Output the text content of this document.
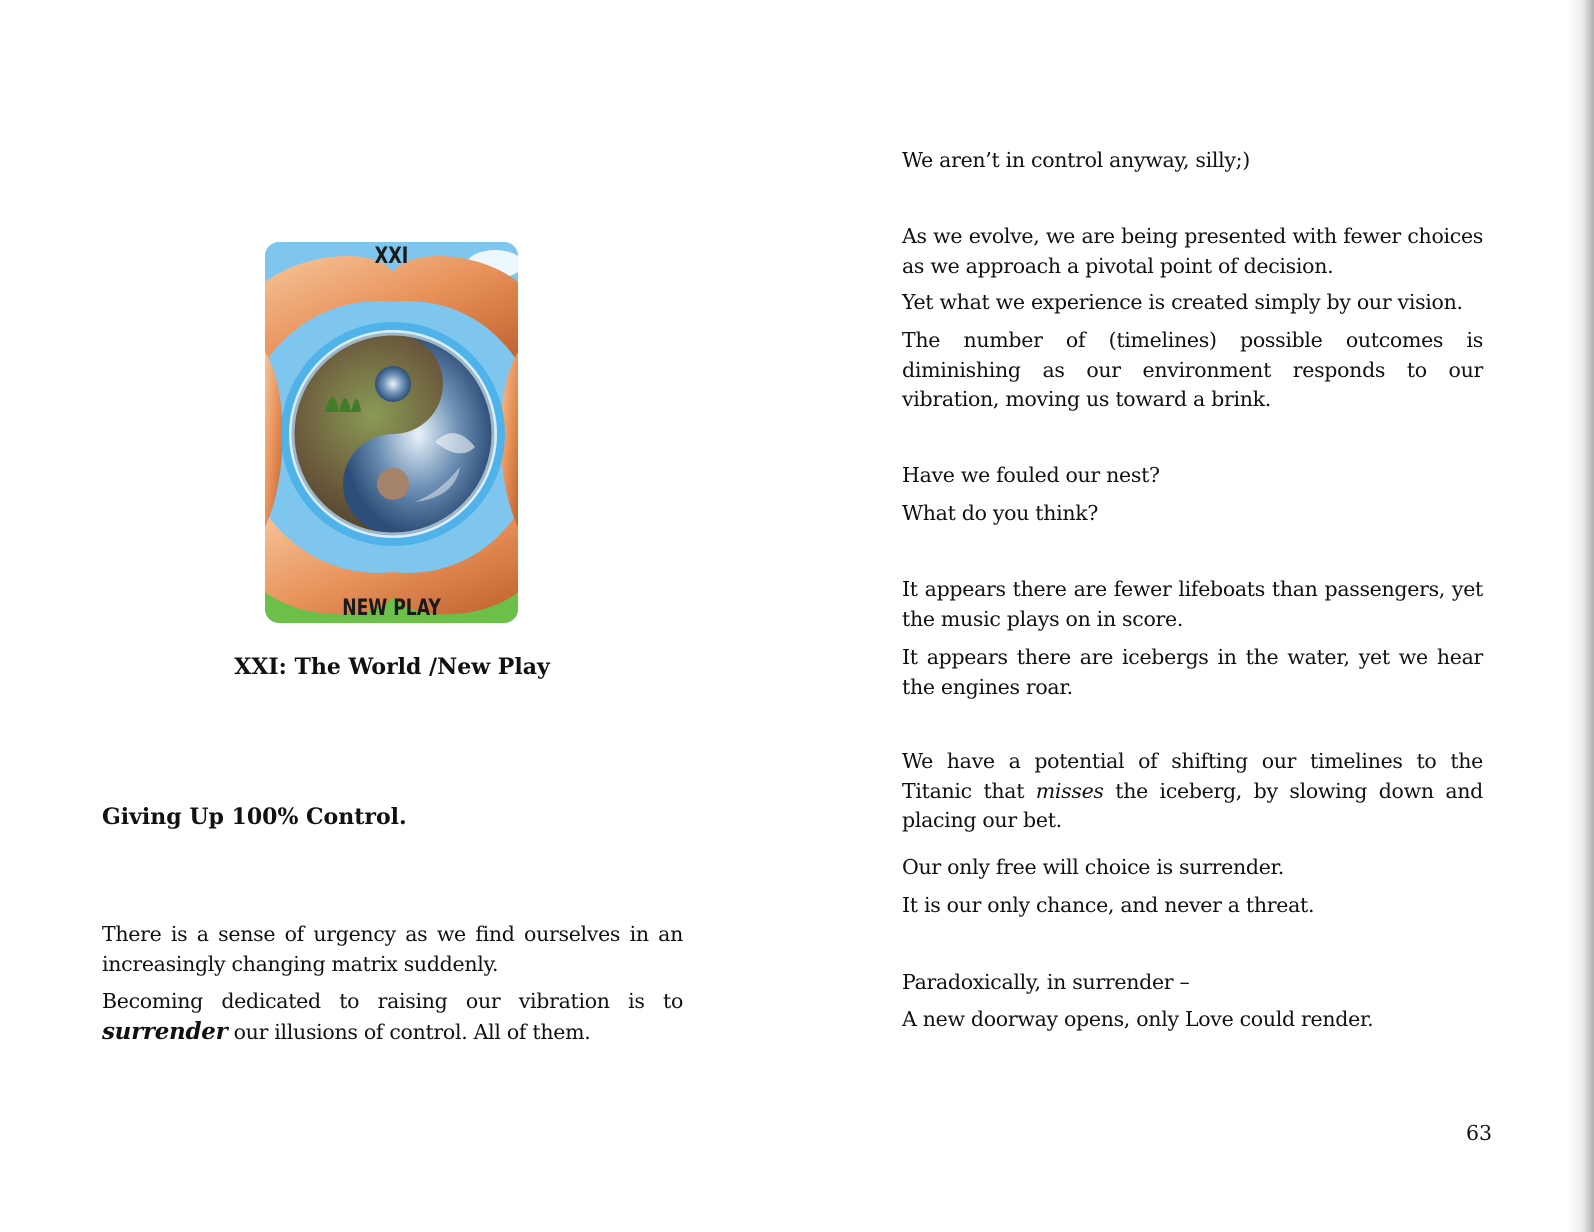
XXI
NEW PLAY
XXI: The World /New Play
Giving Up 100% Control.

There is a sense of urgency as we find ourselves in an increasingly changing matrix suddenly.

Becoming dedicated to raising our vibration is to surrender our illusions of control. All of them.

We aren’t in control anyway, silly;)

As we evolve, we are being presented with fewer choices as we approach a pivotal point of decision.

Yet what we experience is created simply by our vision.

The number of (timelines) possible outcomes is diminishing as our environment responds to our vibration, moving us toward a brink.

Have we fouled our nest?

What do you think?

It appears there are fewer lifeboats than passengers, yet the music plays on in score.

It appears there are icebergs in the water, yet we hear the engines roar.

We have a potential of shifting our timelines to the Titanic that misses the iceberg, by slowing down and placing our bet.

Our only free will choice is surrender.

It is our only chance, and never a threat.

Paradoxically, in surrender –

A new doorway opens, only Love could render.

63
